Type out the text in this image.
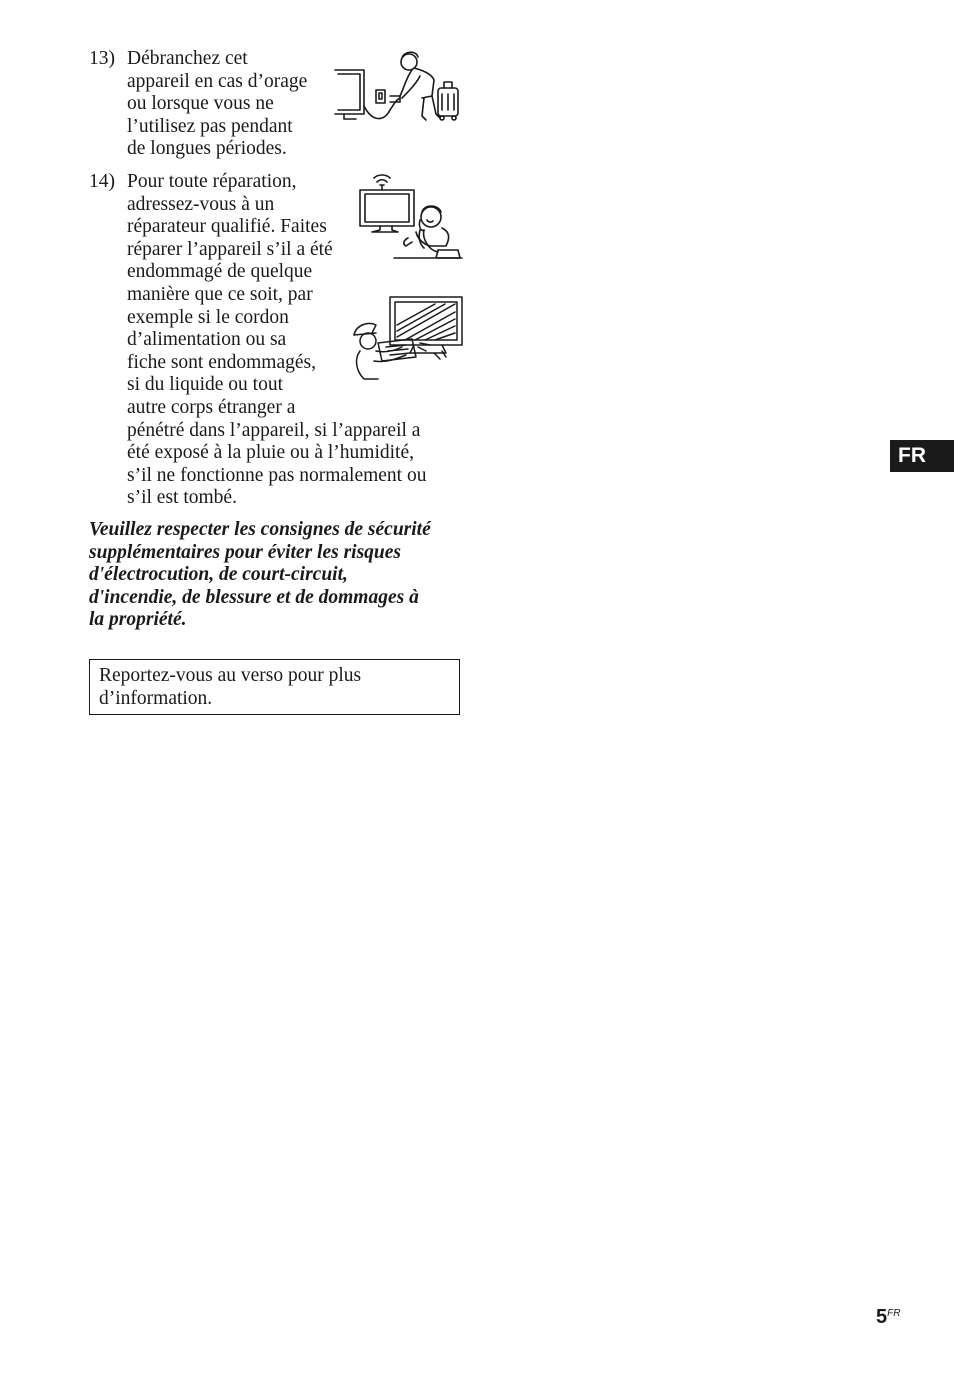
13) Débranchez cet
appareil en cas d’orage
ou lorsque vous ne
l’utilisez pas pendant
de longues périodes.
14) Pour toute réparation,
adressez-vous à un
réparateur qualifié. Faites
réparer l’appareil s’il a été
endommagé de quelque
manière que ce soit, par
exemple si le cordon
d’alimentation ou sa
fiche sont endommagés,
si du liquide ou tout
autre corps étranger a
pénétré dans l’appareil, si l’appareil a
été exposé à la pluie ou à l’humidité,
s’il ne fonctionne pas normalement ou
s’il est tombé.
Veuillez respecter les consignes de sécurité
supplémentaires pour éviter les risques
d'électrocution, de court-circuit,
d'incendie, de blessure et de dommages à
la propriété.
Reportez-vous au verso pour plus
d’information.
FR
$5^{FR}$
